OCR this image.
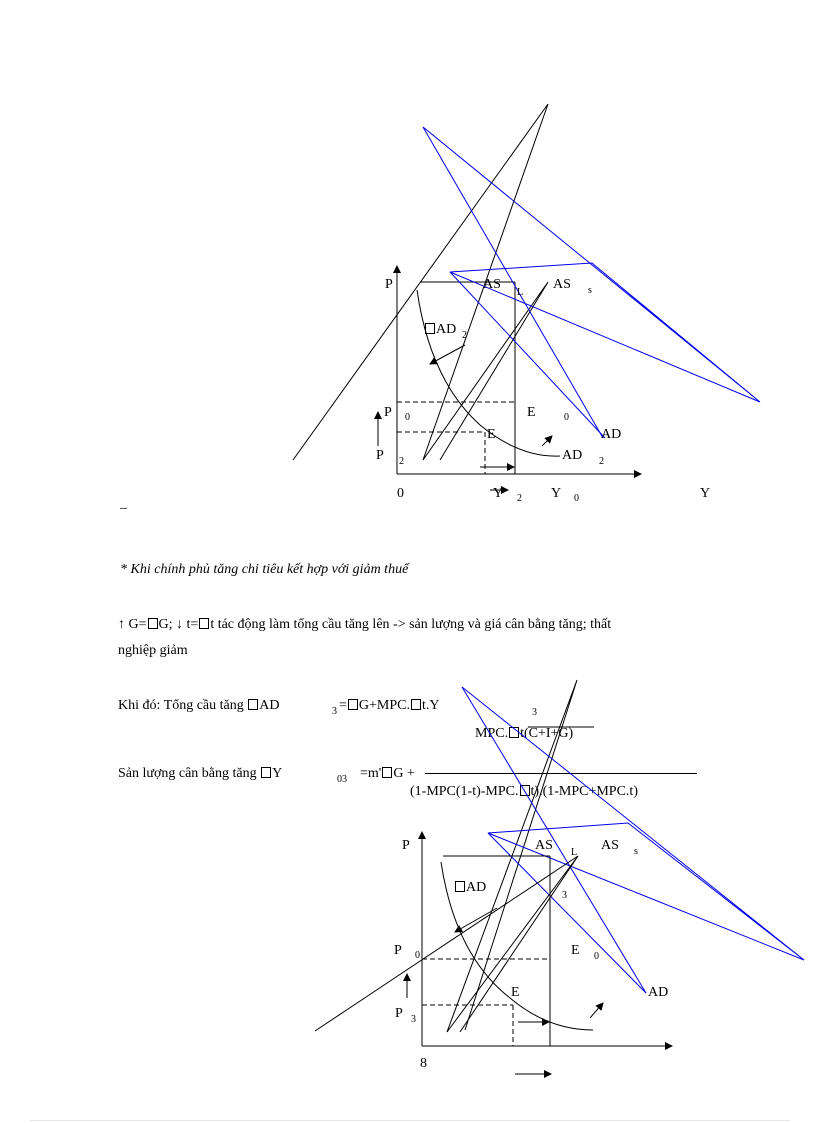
P	AS
L
AS s
AD 2
P 0
P 2
E	0
E	AD
AD 2
0	Y 2 Y 0	Y
_
* Khi chính phủ tăng chi tiêu kết hợp với giảm thuế
↑ G= G; ↓ t= t tác động làm tổng cầu tăng lên -> sản lượng và giá cân bằng tăng; thất
nghiệp giảm
Khi đó: Tổng cầu tăng AD	3 = G+MPC. t.Y	3
MPC. t(C+I+G)
Sản lượng cân bằng tăng Y	03 =m' G +
(1-MPC(1-t)-MPC. t).(1-MPC+MPC.t)
P	AS L AS s
AD
3
P 0
P 3
E 0
E	AD
8
